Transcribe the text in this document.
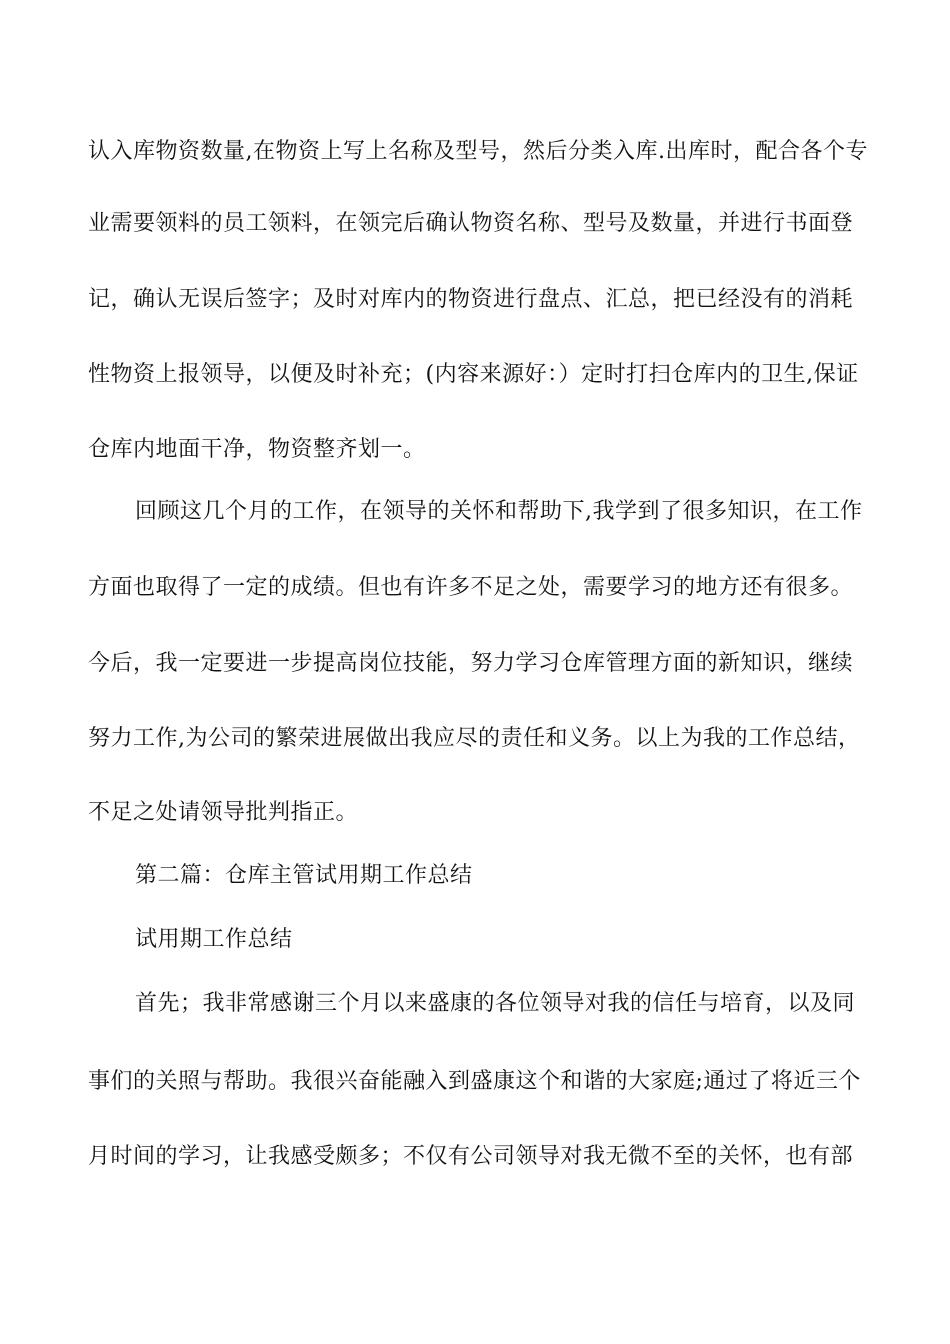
认入库物资数量,在物资上写上名称及型号，然后分类入库.出库时，配合各个专
业需要领料的员工领料，在领完后确认物资名称、型号及数量，并进行书面登
记，确认无误后签字；及时对库内的物资进行盘点、汇总，把已经没有的消耗
性物资上报领导，以便及时补充；(内容来源好：）定时打扫仓库内的卫生,保证
仓库内地面干净，物资整齐划一。
回顾这几个月的工作，在领导的关怀和帮助下,我学到了很多知识，在工作
方面也取得了一定的成绩。但也有许多不足之处，需要学习的地方还有很多。
今后，我一定要进一步提高岗位技能，努力学习仓库管理方面的新知识，继续
努力工作,为公司的繁荣进展做出我应尽的责任和义务。以上为我的工作总结，
不足之处请领导批判指正。
第二篇：仓库主管试用期工作总结
试用期工作总结
首先；我非常感谢三个月以来盛康的各位领导对我的信任与培育，以及同
事们的关照与帮助。我很兴奋能融入到盛康这个和谐的大家庭;通过了将近三个
月时间的学习，让我感受颇多；不仅有公司领导对我无微不至的关怀，也有部
